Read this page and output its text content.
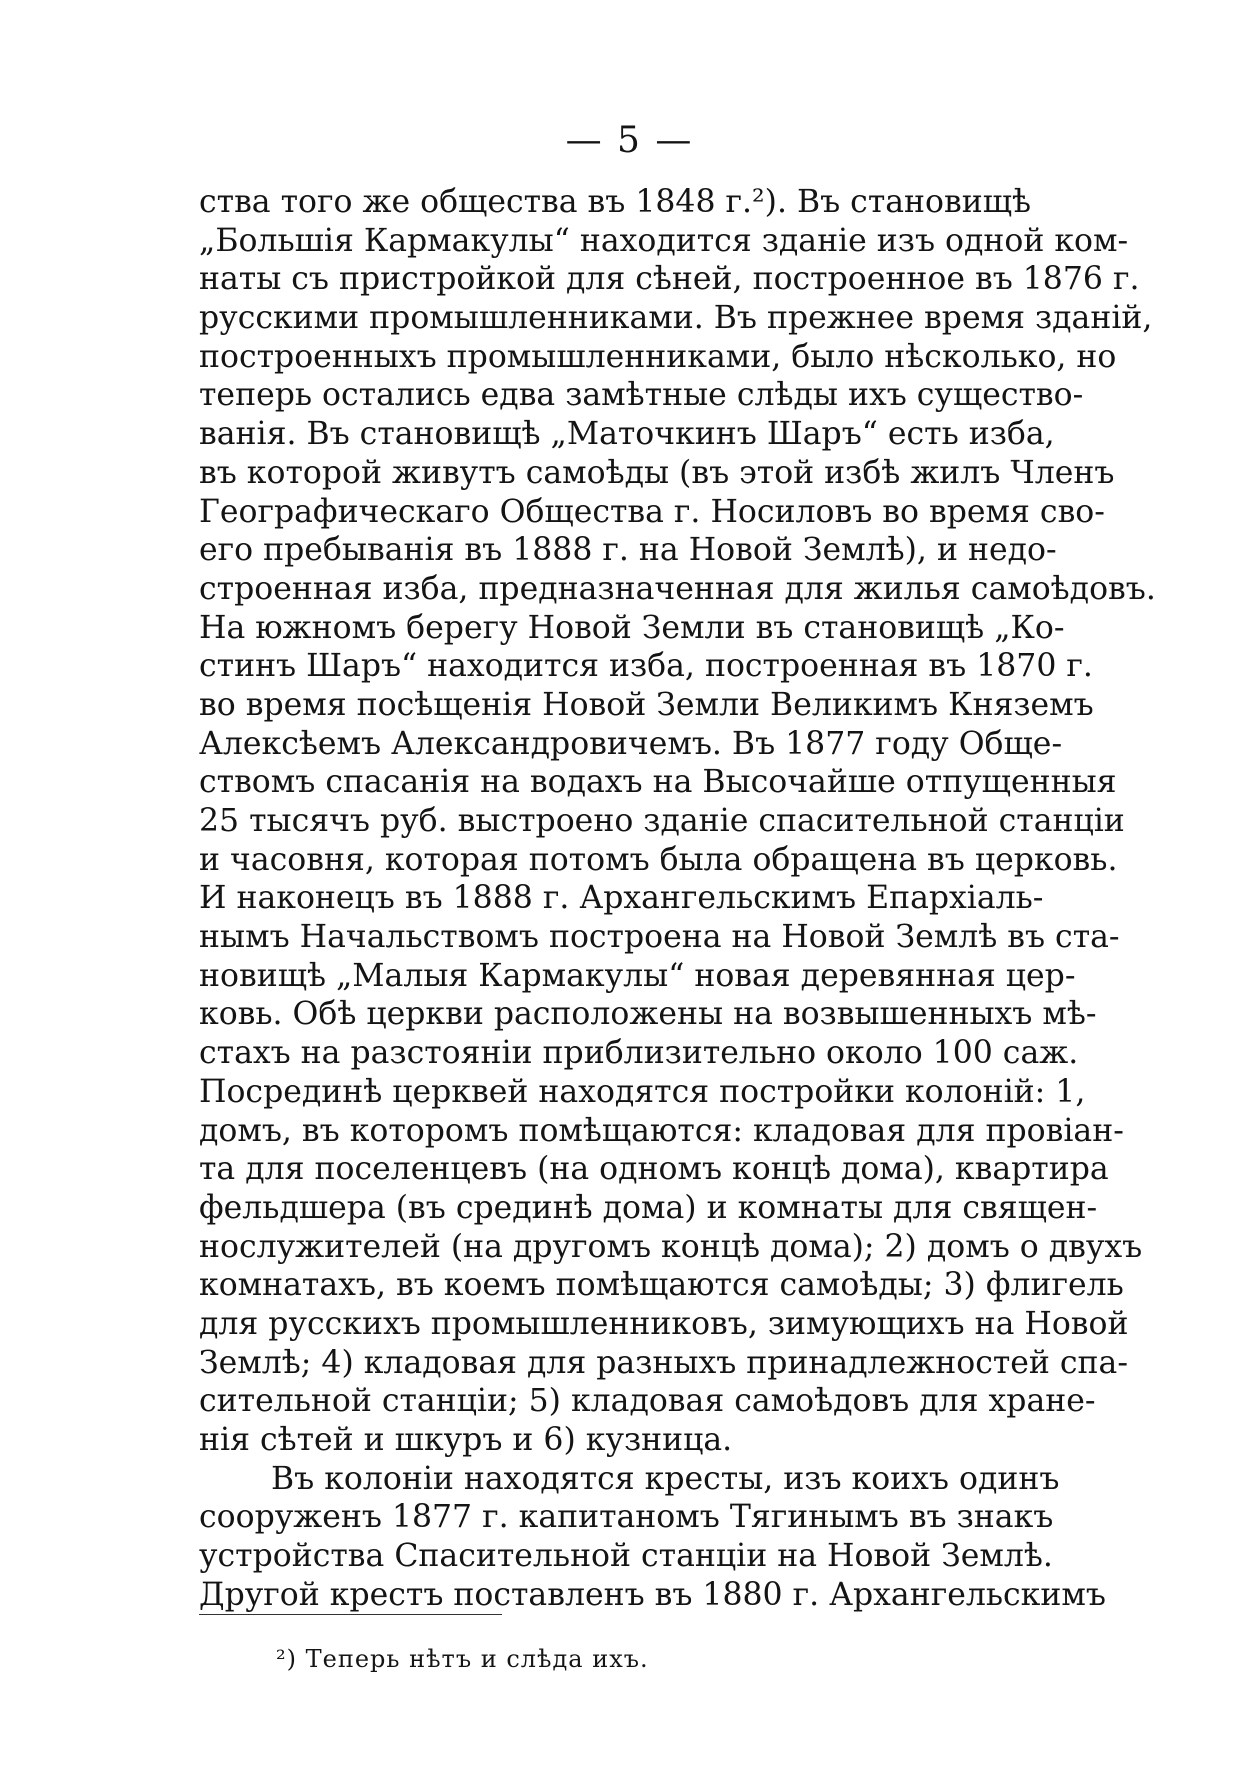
— 5 —
ства того же общества въ 1848 г.²). Въ становищѣ
„Большія Кармакулы“ находится зданіе изъ одной ком-
наты съ пристройкой для сѣней, построенное въ 1876 г.
русскими промышленниками. Въ прежнее время зданій,
построенныхъ промышленниками, было нѣсколько, но
теперь остались едва замѣтные слѣды ихъ существо-
ванія. Въ становищѣ „Маточкинъ Шаръ“ есть изба,
въ которой живутъ самоѣды (въ этой избѣ жилъ Членъ
Географическаго Общества г. Носиловъ во время сво-
его пребыванія въ 1888 г. на Новой Землѣ), и недо-
строенная изба, предназначенная для жилья самоѣдовъ.
На южномъ берегу Новой Земли въ становищѣ „Ко-
стинъ Шаръ“ находится изба, построенная въ 1870 г.
во время посѣщенія Новой Земли Великимъ Княземъ
Алексѣемъ Александровичемъ. Въ 1877 году Обще-
ствомъ спасанія на водахъ на Высочайше отпущенныя
25 тысячъ руб. выстроено зданіе спасительной станціи
и часовня, которая потомъ была обращена въ церковь.
И наконецъ въ 1888 г. Архангельскимъ Епархіаль-
нымъ Начальствомъ построена на Новой Землѣ въ ста-
новищѣ „Малыя Кармакулы“ новая деревянная цер-
ковь. Обѣ церкви расположены на возвышенныхъ мѣ-
стахъ на разстояніи приблизительно около 100 саж.
Посрединѣ церквей находятся постройки колоній: 1,
домъ, въ которомъ помѣщаются: кладовая для провіан-
та для поселенцевъ (на одномъ концѣ дома), квартира
фельдшера (въ срединѣ дома) и комнаты для священ-
нослужителей (на другомъ концѣ дома); 2) домъ о двухъ
комнатахъ, въ коемъ помѣщаются самоѣды; 3) флигель
для русскихъ промышленниковъ, зимующихъ на Новой
Землѣ; 4) кладовая для разныхъ принадлежностей спа-
сительной станціи; 5) кладовая самоѣдовъ для хране-
нія сѣтей и шкуръ и 6) кузница.
Въ колоніи находятся кресты, изъ коихъ одинъ
сооруженъ 1877 г. капитаномъ Тягинымъ въ знакъ
устройства Спасительной станціи на Новой Землѣ.
Другой крестъ поставленъ въ 1880 г. Архангельскимъ
²) Теперь нѣтъ и слѣда ихъ.
